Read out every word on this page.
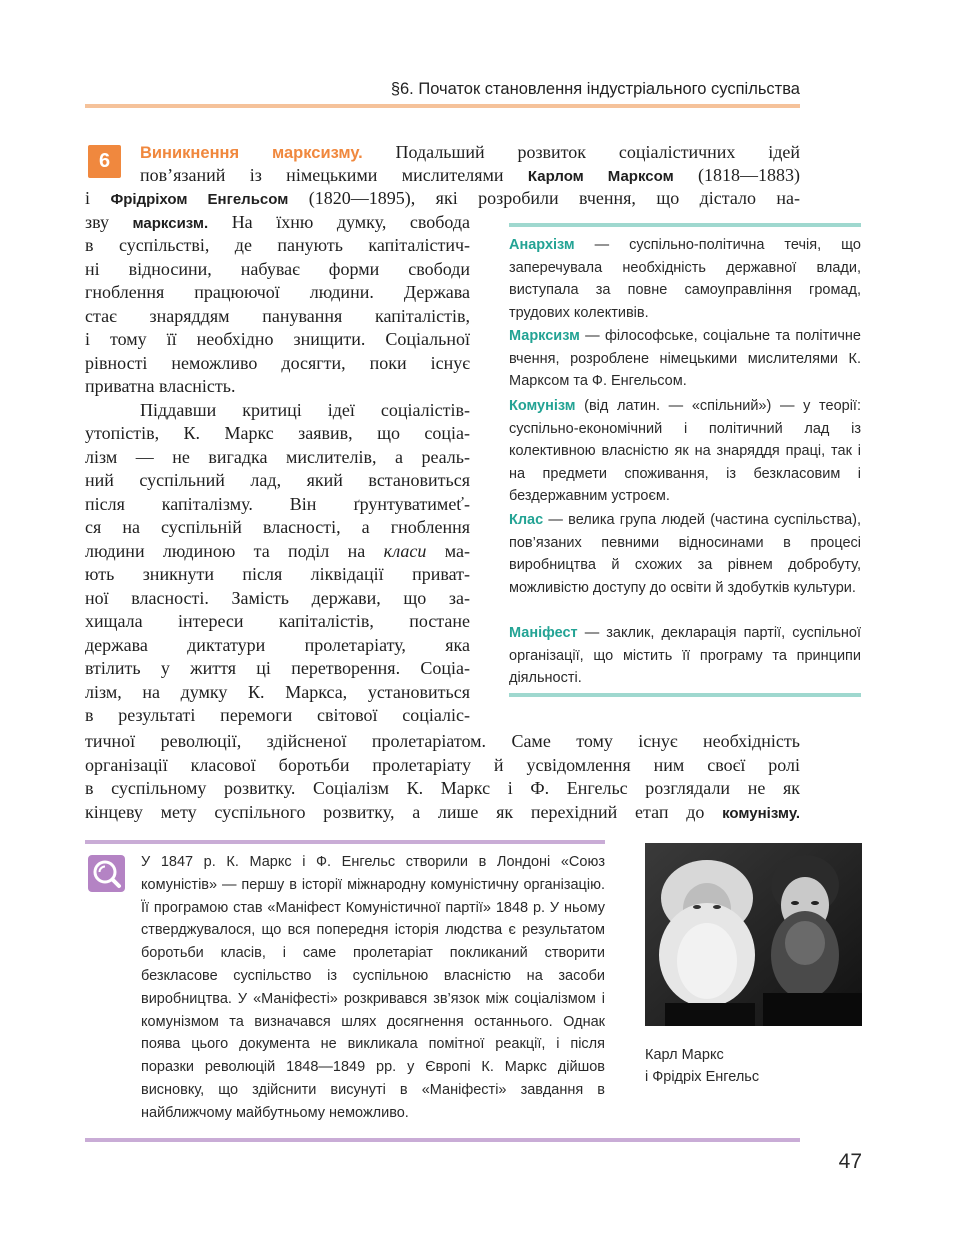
§6. Початок становлення індустріального суспільства
6	Виникнення марксизму. Подальший розвиток соціалістичних ідей
пов’язаний із німецькими мислителями Карлом Марксом (1818—1883)
і Фрідріхом Енгельсом (1820—1895), які розробили вчення, що дістало на-
зву марксизм. На їхню думку, свобода
в суспільстві, де панують капіталістич-
ні відносини, набуває форми свободи
гноблення працюючої людини. Держава
стає знаряддям панування капіталістів,
і тому її необхідно знищити. Соціальної
рівності неможливо досягти, поки існує
приватна власність.
Піддавши критиці ідеї соціалістів-
утопістів, К. Маркс заявив, що соціа-
лізм — не вигадка мислителів, а реаль-
ний суспільний лад, який встановиться
після капіталізму. Він ґрунтуватимеť-
ся на суспільній власності, а гноблення
людини людиною та поділ на класи ма-
ють зникнути після ліквідації приват-
ної власності. Замість держави, що за-
хищала інтереси капіталістів, постане
держава диктатури пролетаріату, яка
втілить у життя ці перетворення. Соціа-
лізм, на думку К. Маркса, установиться
в результаті перемоги світової соціаліс-
тичної революції, здійсненої пролетаріатом. Саме тому існує необхідність
організації класової боротьби пролетаріату й усвідомлення ним своєї ролі
в суспільному розвитку. Соціалізм К. Маркс і Ф. Енгельс розглядали не як
кінцеву мету суспільного розвитку, а лише як перехідний етап до комунізму.
Анархізм — суспільно-політична течія, що заперечувала необхідність державної влади, виступала за повне самоуправління громад, трудових колективів.
Марксизм — філософське, соціальне та політичне вчення, розроблене німецькими мислителями К. Марксом та Ф. Енгельсом.
Комунізм (від латин. — «спільний») — у теорії: суспільно-економічний і політичний лад із колективною власністю як на знаряддя праці, так і на предмети споживання, із безкласовим і бездержавним устроєм.
Клас — велика група людей (частина суспільства), пов’язаних певними відносинами в процесі виробництва й схожих за рівнем добробуту, можливістю доступу до освіти й здобутків культури.
Маніфест — заклик, декларація партії, суспільної організації, що містить її програму та принципи діяльності.
У 1847 р. К. Маркс і Ф. Енгельс створили в Лондоні «Союз комуністів» — першу в історії міжнародну комуністичну організацію. Її програмою став «Маніфест Комуністичної партії» 1848 р. У ньому стверджувалося, що вся попередня історія людства є результатом боротьби класів, і саме пролетаріат покликаний створити безкласове суспільство із суспільною власністю на засоби виробництва. У «Маніфесті» розкривався зв’язок між соціалізмом і комунізмом та визначався шлях досягнення останнього. Однак поява цього документа не викликала помітної реакції, і після поразки революцій 1848—1849 рр. у Європі К. Маркс дійшов висновку, що здійснити висунуті в «Маніфесті» завдання в найближчому майбутньому неможливо.
Карл Маркс
і Фрідріх Енгельс
47
